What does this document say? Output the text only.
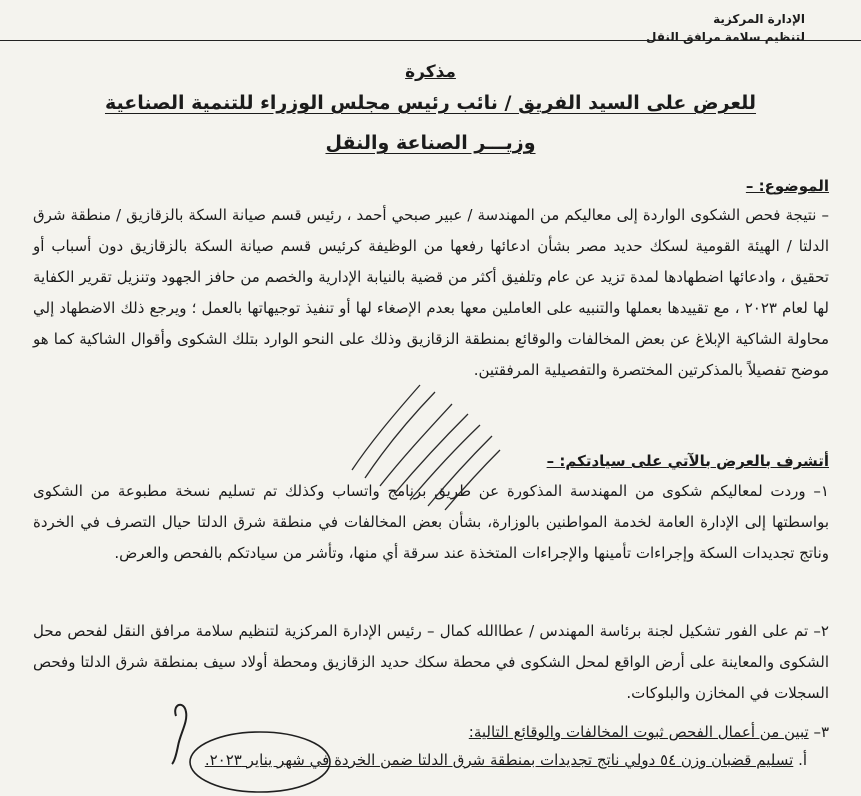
الإدارة المركزية
لتنظيم سلامة مرافق النقل
مذكرة
للعرض على السيد الفريق / نائب رئيس مجلس الوزراء للتنمية الصناعية
وزيـــر الصناعة والنقل
الموضوع: –
– نتيجة فحص الشكوى الواردة إلى معاليكم من المهندسة / عبير صبحي أحمد ، رئيس قسم صيانة السكة بالزقازيق / منطقة شرق الدلتا / الهيئة القومية لسكك حديد مصر بشأن ادعائها رفعها من الوظيفة كرئيس قسم صيانة السكة بالزقازيق دون أسباب أو تحقيق ، وادعائها اضطهادها لمدة تزيد عن عام وتلفيق أكثر من قضية بالنيابة الإدارية والخصم من حافز الجهود وتنزيل تقرير الكفاية لها لعام ٢٠٢٣ ، مع تقييدها بعملها والتنبيه على العاملين معها بعدم الإصغاء لها أو تنفيذ توجيهاتها بالعمل ؛ ويرجع ذلك الاضطهاد إلي محاولة الشاكية الإبلاغ عن بعض المخالفات والوقائع بمنطقة الزقازيق وذلك على النحو الوارد بتلك الشكوى وأقوال الشاكية كما هو موضح تفصيلاً بالمذكرتين المختصرة والتفصيلية المرفقتين.
أتشرف بالعرض بالآتي على سيادتكم: –
١– وردت لمعاليكم شكوى من المهندسة المذكورة عن طريق برنامج واتساب وكذلك تم تسليم نسخة مطبوعة من الشكوى بواسطتها إلى الإدارة العامة لخدمة المواطنين بالوزارة، بشأن بعض المخالفات في منطقة شرق الدلتا حيال التصرف في الخردة وناتج تجديدات السكة وإجراءات تأمينها والإجراءات المتخذة عند سرقة أي منها، وتأشر من سيادتكم بالفحص والعرض.
٢– تم على الفور تشكيل لجنة برئاسة المهندس / عطاالله كمال – رئيس الإدارة المركزية لتنظيم سلامة مرافق النقل لفحص محل الشكوى والمعاينة على أرض الواقع لمحل الشكوى في محطة سكك حديد الزقازيق ومحطة أولاد سيف بمنطقة شرق الدلتا وفحص السجلات في المخازن والبلوكات.
٣– تبين من أعمال الفحص ثبوت المخالفات والوقائع التالية:
أ. تسليم قضبان وزن ٥٤ دولي ناتج تجديدات بمنطقة شرق الدلتا ضمن الخردة في شهر يناير ٢٠٢٣.
